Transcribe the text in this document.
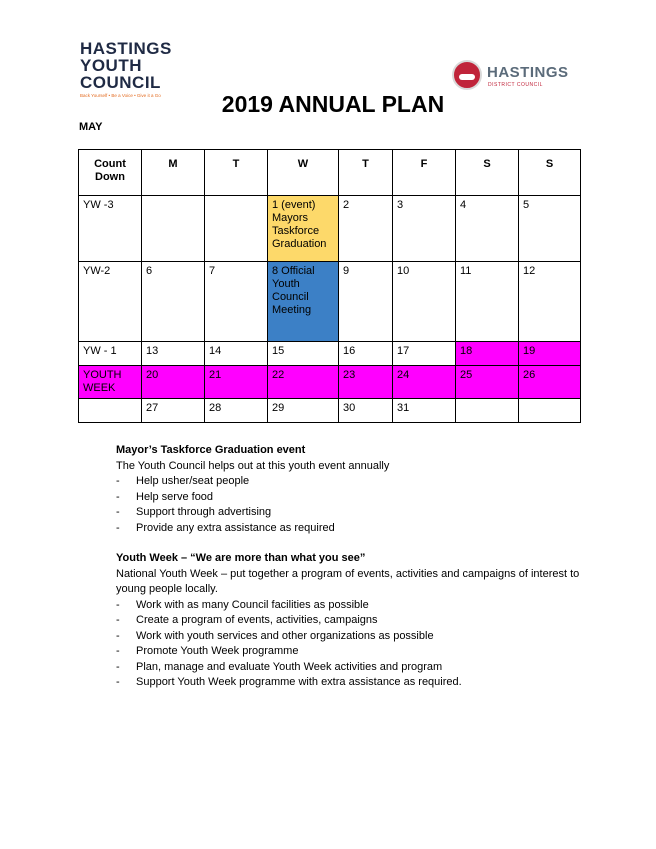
HASTINGS
YOUTH
COUNCIL
Back Yourself • Be a Voice • Give it a Go
HASTINGS
DISTRICT COUNCIL
2019 ANNUAL PLAN
MAY
Count Down	M	T	W	T	F	S	S
YW -3			1 (event) Mayors Taskforce Graduation	2	3	4	5
YW-2	6	7	8 Official Youth Council Meeting	9	10	11	12
YW - 1	13	14	15	16	17	18	19
YOUTH WEEK	20	21	22	23	24	25	26
	27	28	29	30	31		
Mayor’s Taskforce Graduation event
The Youth Council helps out at this youth event annually
- Help usher/seat people
- Help serve food
- Support through advertising
- Provide any extra assistance as required
Youth Week – “We are more than what you see”
National Youth Week – put together a program of events, activities and campaigns of interest to young people locally.
- Work with as many Council facilities as possible
- Create a program of events, activities, campaigns
- Work with youth services and other organizations as possible
- Promote Youth Week programme
- Plan, manage and evaluate Youth Week activities and program
- Support Youth Week programme with extra assistance as required.
